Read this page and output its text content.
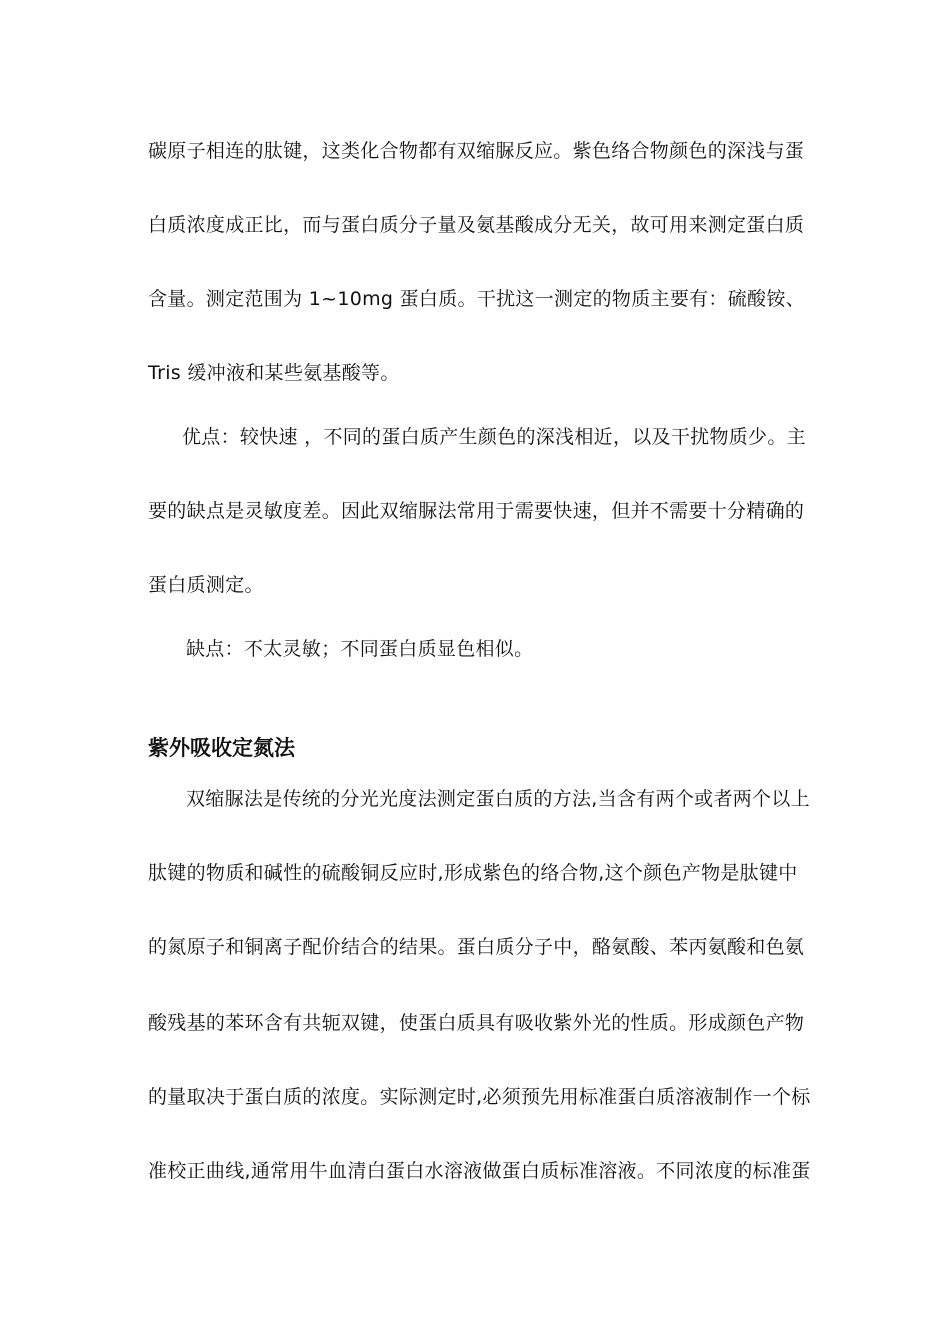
碳原子相连的肽键，这类化合物都有双缩脲反应。紫色络合物颜色的深浅与蛋

白质浓度成正比，而与蛋白质分子量及氨基酸成分无关，故可用来测定蛋白质

含量。测定范围为 1~10mg 蛋白质。干扰这一测定的物质主要有：硫酸铵、

Tris 缓冲液和某些氨基酸等。

优点：较快速 ，不同的蛋白质产生颜色的深浅相近，以及干扰物质少。主

要的缺点是灵敏度差。因此双缩脲法常用于需要快速，但并不需要十分精确的

蛋白质测定。

缺点：不太灵敏；不同蛋白质显色相似。

紫外吸收定氮法

双缩脲法是传统的分光光度法测定蛋白质的方法,当含有两个或者两个以上

肽键的物质和碱性的硫酸铜反应时,形成紫色的络合物,这个颜色产物是肽键中

的氮原子和铜离子配价结合的结果。蛋白质分子中，酪氨酸、苯丙氨酸和色氨

酸残基的苯环含有共轭双键，使蛋白质具有吸收紫外光的性质。形成颜色产物

的量取决于蛋白质的浓度。实际测定时,必须预先用标准蛋白质溶液制作一个标

准校正曲线,通常用牛血清白蛋白水溶液做蛋白质标准溶液。不同浓度的标准蛋
